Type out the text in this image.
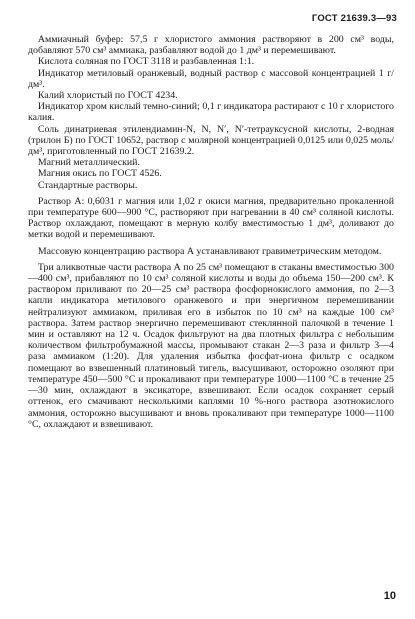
ГОСТ 21639.3—93

Аммиачный буфер: 57,5 г хлористого аммония растворяют в 200 см³ воды, добавляют 570 см³ аммиака, разбавляют водой до 1 дм³ и перемешивают.

Кислота соляная по ГОСТ 3118 и разбавленная 1:1.

Индикатор метиловый оранжевый, водный раствор с массовой концентрацией 1 г/дм³.

Калий хлористый по ГОСТ 4234.

Индикатор хром кислый темно-синий; 0,1 г индикатора растирают с 10 г хлористого калия.

Соль динатриевая этилендиамин-N, N, N′, N′-тетрауксусной кислоты, 2-водная (трилон Б) по ГОСТ 10652, раствор с молярной концентрацией 0,0125 или 0,025 моль/дм³, приготовленный по ГОСТ 21639.2.

Магний металлический.

Магния окись по ГОСТ 4526.

Стандартные растворы.

Раствор А: 0,6031 г магния или 1,02 г окиси магния, предварительно прокаленной при температуре 600—900 °С, растворяют при нагревании в 40 см³ соляной кислоты. Раствор охлаждают, помещают в мерную колбу вместимостью 1 дм³, доливают до метки водой и перемешивают.

Массовую концентрацию раствора А устанавливают гравиметрическим методом.

Три аликвотные части раствора А по 25 см³ помещают в стаканы вместимостью 300—400 см³, прибавляют по 10 см³ соляной кислоты и воды до объема 150—200 см³. К раствором приливают по 20—25 см³ раствора фосфорнокислого аммония, по 2—3 капли индикатора метилового оранжевого и при энергичном перемешивании нейтрализуют аммиаком, приливая его в избыток по 10 см³ на каждые 100 см³ раствора. Затем раствор энергично перемешивают стеклянной палочкой в течение 1 мин и оставляют на 12 ч. Осадок фильтруют на два плотных фильтра с небольшим количеством фильтробумажной массы, промывают стакан 2—3 раза и фильтр 3—4 раза аммиаком (1:20). Для удаления избытка фосфат-иона фильтр с осадком помещают во взвешенный платиновый тигель, высушивают, осторожно озоляют при температуре 450—500 °С и прокаливают при температуре 1000—1100 °С в течение 25—30 мин, охлаждают в эксикаторе, взвешивают. Если осадок сохраняет серый оттенок, его смачивают несколькими каплями 10 %-ного раствора азотнокислого аммония, осторожно высушивают и вновь прокаливают при температуре 1000—1100 °С, охлаждают и взвешивают.

10
